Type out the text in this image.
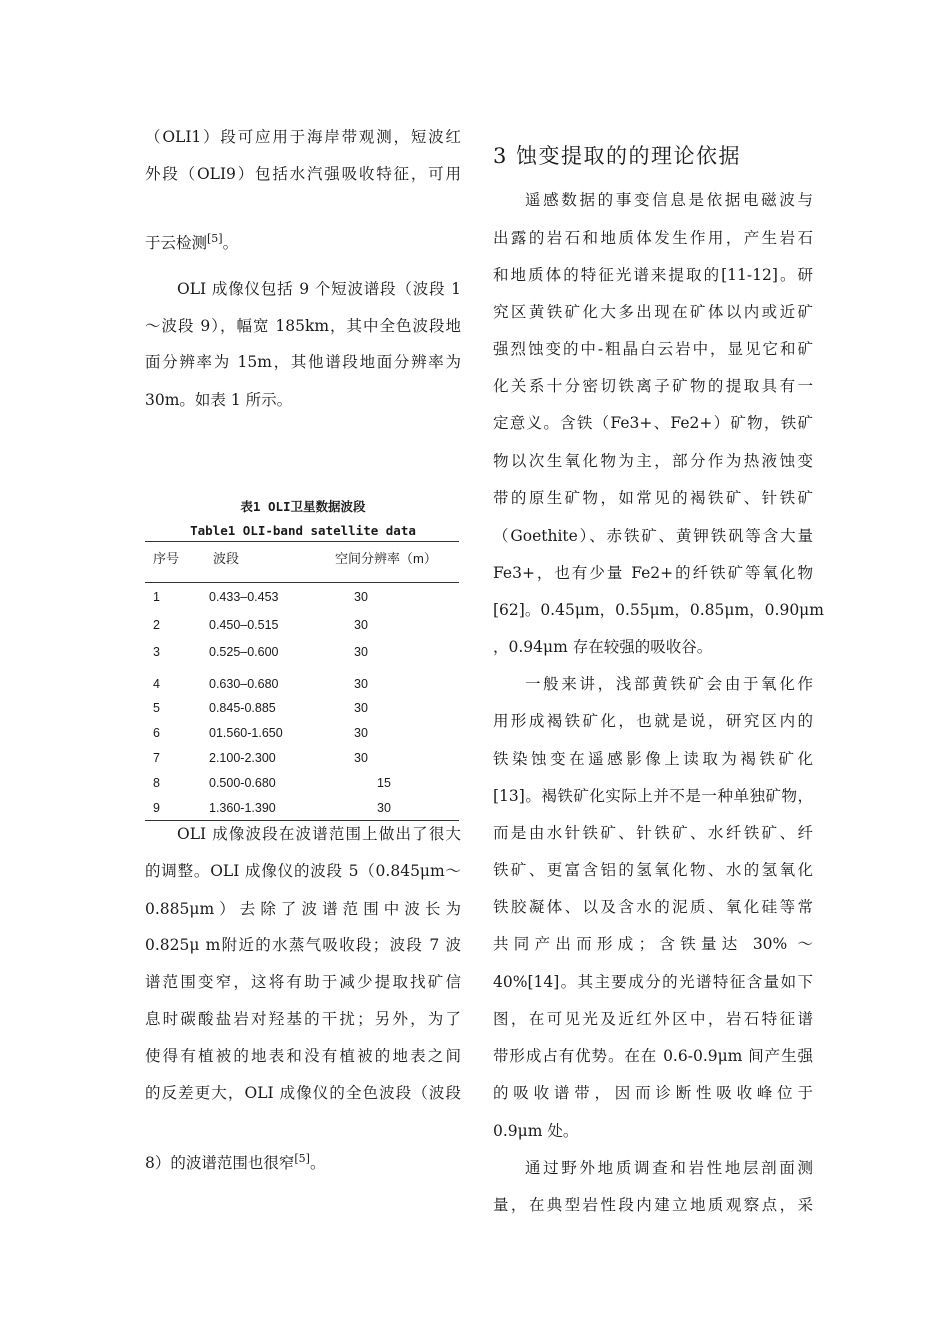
（OLI1）段可应用于海岸带观测，短波红
外段（OLI9）包括水汽强吸收特征，可用
于云检测[5]。
OLI 成像仪包括 9 个短波谱段（波段 1
～波段 9），幅宽 185km，其中全色波段地
面分辨率为 15m，其他谱段地面分辨率为
30m。如表 1 所示。
表1 OLI卫星数据波段
Table1 OLI-band satellite data
序号	波段	空间分辨率（m）
1	0.433–0.453	30
2	0.450–0.515	30
3	0.525–0.600	30
4	0.630–0.680	30
5	0.845-0.885	30
6	01.560-1.650	30
7	2.100-2.300	30
8	0.500-0.680	15
9	1.360-1.390	30
OLI 成像波段在波谱范围上做出了很大
的调整。OLI 成像仪的波段 5（0.845μm～
0.885μm）去除了波谱范围中波长为
0.825μ m附近的水蒸气吸收段；波段 7 波
谱范围变窄，这将有助于减少提取找矿信
息时碳酸盐岩对羟基的干扰；另外，为了
使得有植被的地表和没有植被的地表之间
的反差更大，OLI 成像仪的全色波段（波段
8）的波谱范围也很窄[5]。
3 蚀变提取的的理论依据
遥感数据的事变信息是依据电磁波与
出露的岩石和地质体发生作用，产生岩石
和地质体的特征光谱来提取的[11-12]。研
究区黄铁矿化大多出现在矿体以内或近矿
强烈蚀变的中-粗晶白云岩中，显见它和矿
化关系十分密切铁离子矿物的提取具有一
定意义。含铁（Fe3+、Fe2+）矿物，铁矿
物以次生氧化物为主，部分作为热液蚀变
带的原生矿物，如常见的褐铁矿、针铁矿
（Goethite）、赤铁矿、黄钾铁矾等含大量
Fe3+，也有少量 Fe2+的纤铁矿等氧化物
[62]。0.45μm，0.55μm，0.85μm，0.90μm
，0.94μm 存在较强的吸收谷。
一般来讲，浅部黄铁矿会由于氧化作
用形成褐铁矿化，也就是说，研究区内的
铁染蚀变在遥感影像上读取为褐铁矿化
[13]。褐铁矿化实际上并不是一种单独矿物，
而是由水针铁矿、针铁矿、水纤铁矿、纤
铁矿、更富含铝的氢氧化物、水的氢氧化
铁胶凝体、以及含水的泥质、氧化硅等常
共同产出而形成；含铁量达 30% ～
40%[14]。其主要成分的光谱特征含量如下
图，在可见光及近红外区中，岩石特征谱
带形成占有优势。在在 0.6-0.9μm 间产生强
的吸收谱带，因而诊断性吸收峰位于
0.9μm 处。
通过野外地质调查和岩性地层剖面测
量，在典型岩性段内建立地质观察点，采
